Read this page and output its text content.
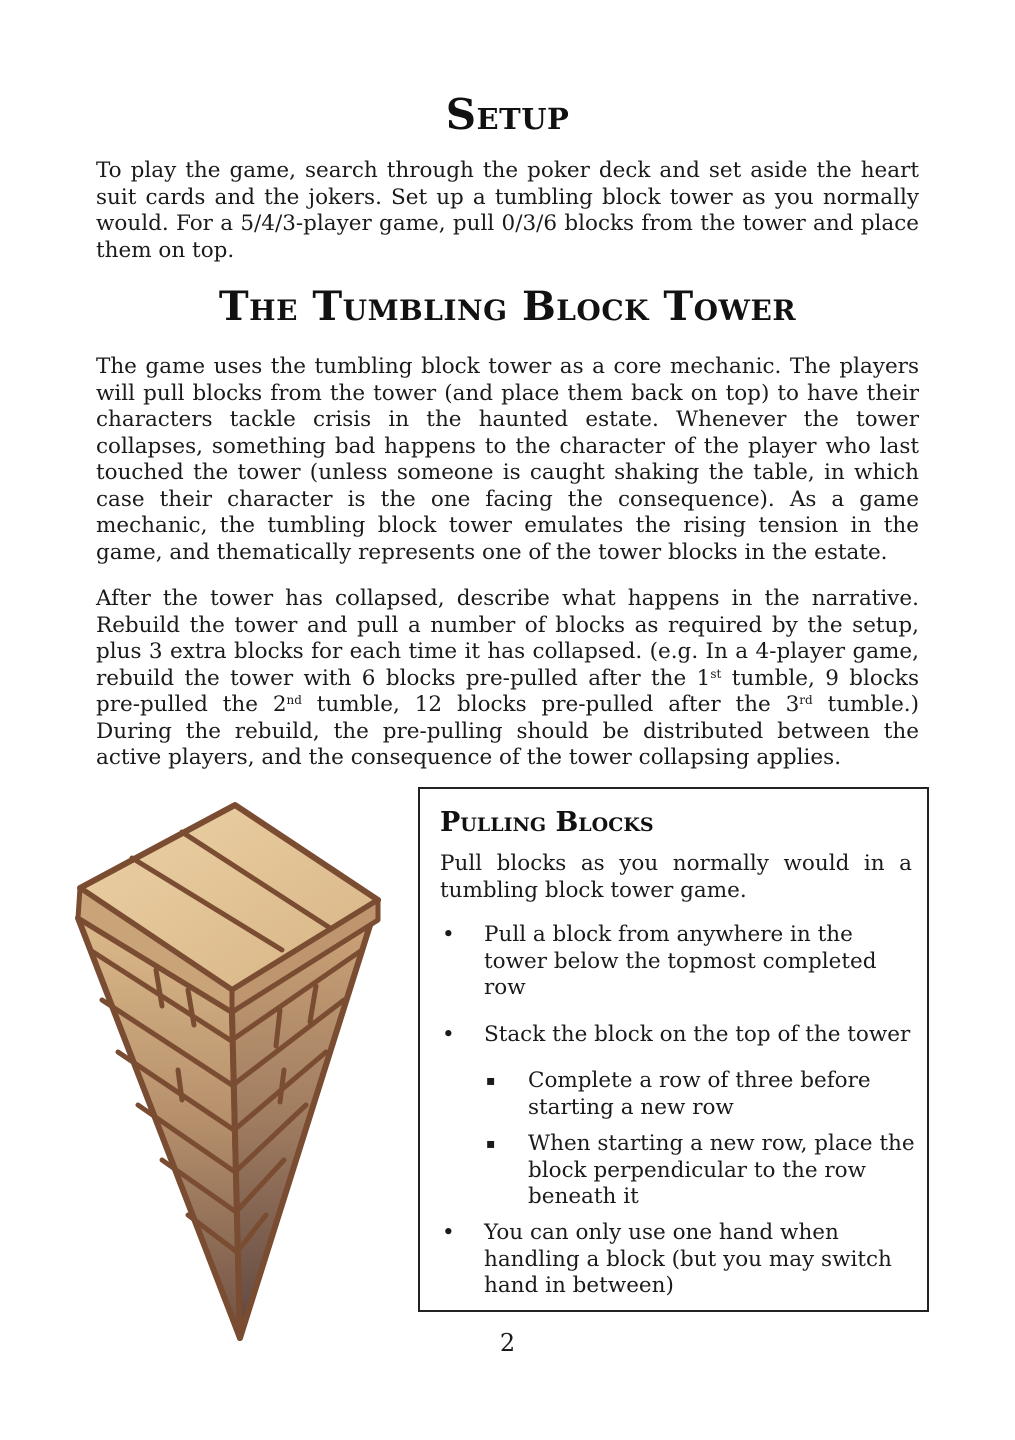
Setup

To play the game, search through the poker deck and set aside the heart suit cards and the jokers. Set up a tumbling block tower as you normally would. For a 5/4/3-player game, pull 0/3/6 blocks from the tower and place them on top.

The Tumbling Block Tower

The game uses the tumbling block tower as a core mechanic. The players will pull blocks from the tower (and place them back on top) to have their characters tackle crisis in the haunted estate. Whenever the tower collapses, something bad happens to the character of the player who last touched the tower (unless someone is caught shaking the table, in which case their character is the one facing the consequence). As a game mechanic, the tumbling block tower emulates the rising tension in the game, and thematically represents one of the tower blocks in the estate.

After the tower has collapsed, describe what happens in the narrative. Rebuild the tower and pull a number of blocks as required by the setup, plus 3 extra blocks for each time it has collapsed. (e.g. In a 4-player game, rebuild the tower with 6 blocks pre-pulled after the 1st tumble, 9 blocks pre-pulled the 2nd tumble, 12 blocks pre-pulled after the 3rd tumble.) During the rebuild, the pre-pulling should be distributed between the active players, and the consequence of the tower collapsing applies.

Pulling Blocks

Pull blocks as you normally would in a tumbling block tower game.

• Pull a block from anywhere in the tower below the topmost completed row
• Stack the block on the top of the tower
▪ Complete a row of three before starting a new row
▪ When starting a new row, place the block perpendicular to the row beneath it
• You can only use one hand when handling a block (but you may switch hand in between)

2
